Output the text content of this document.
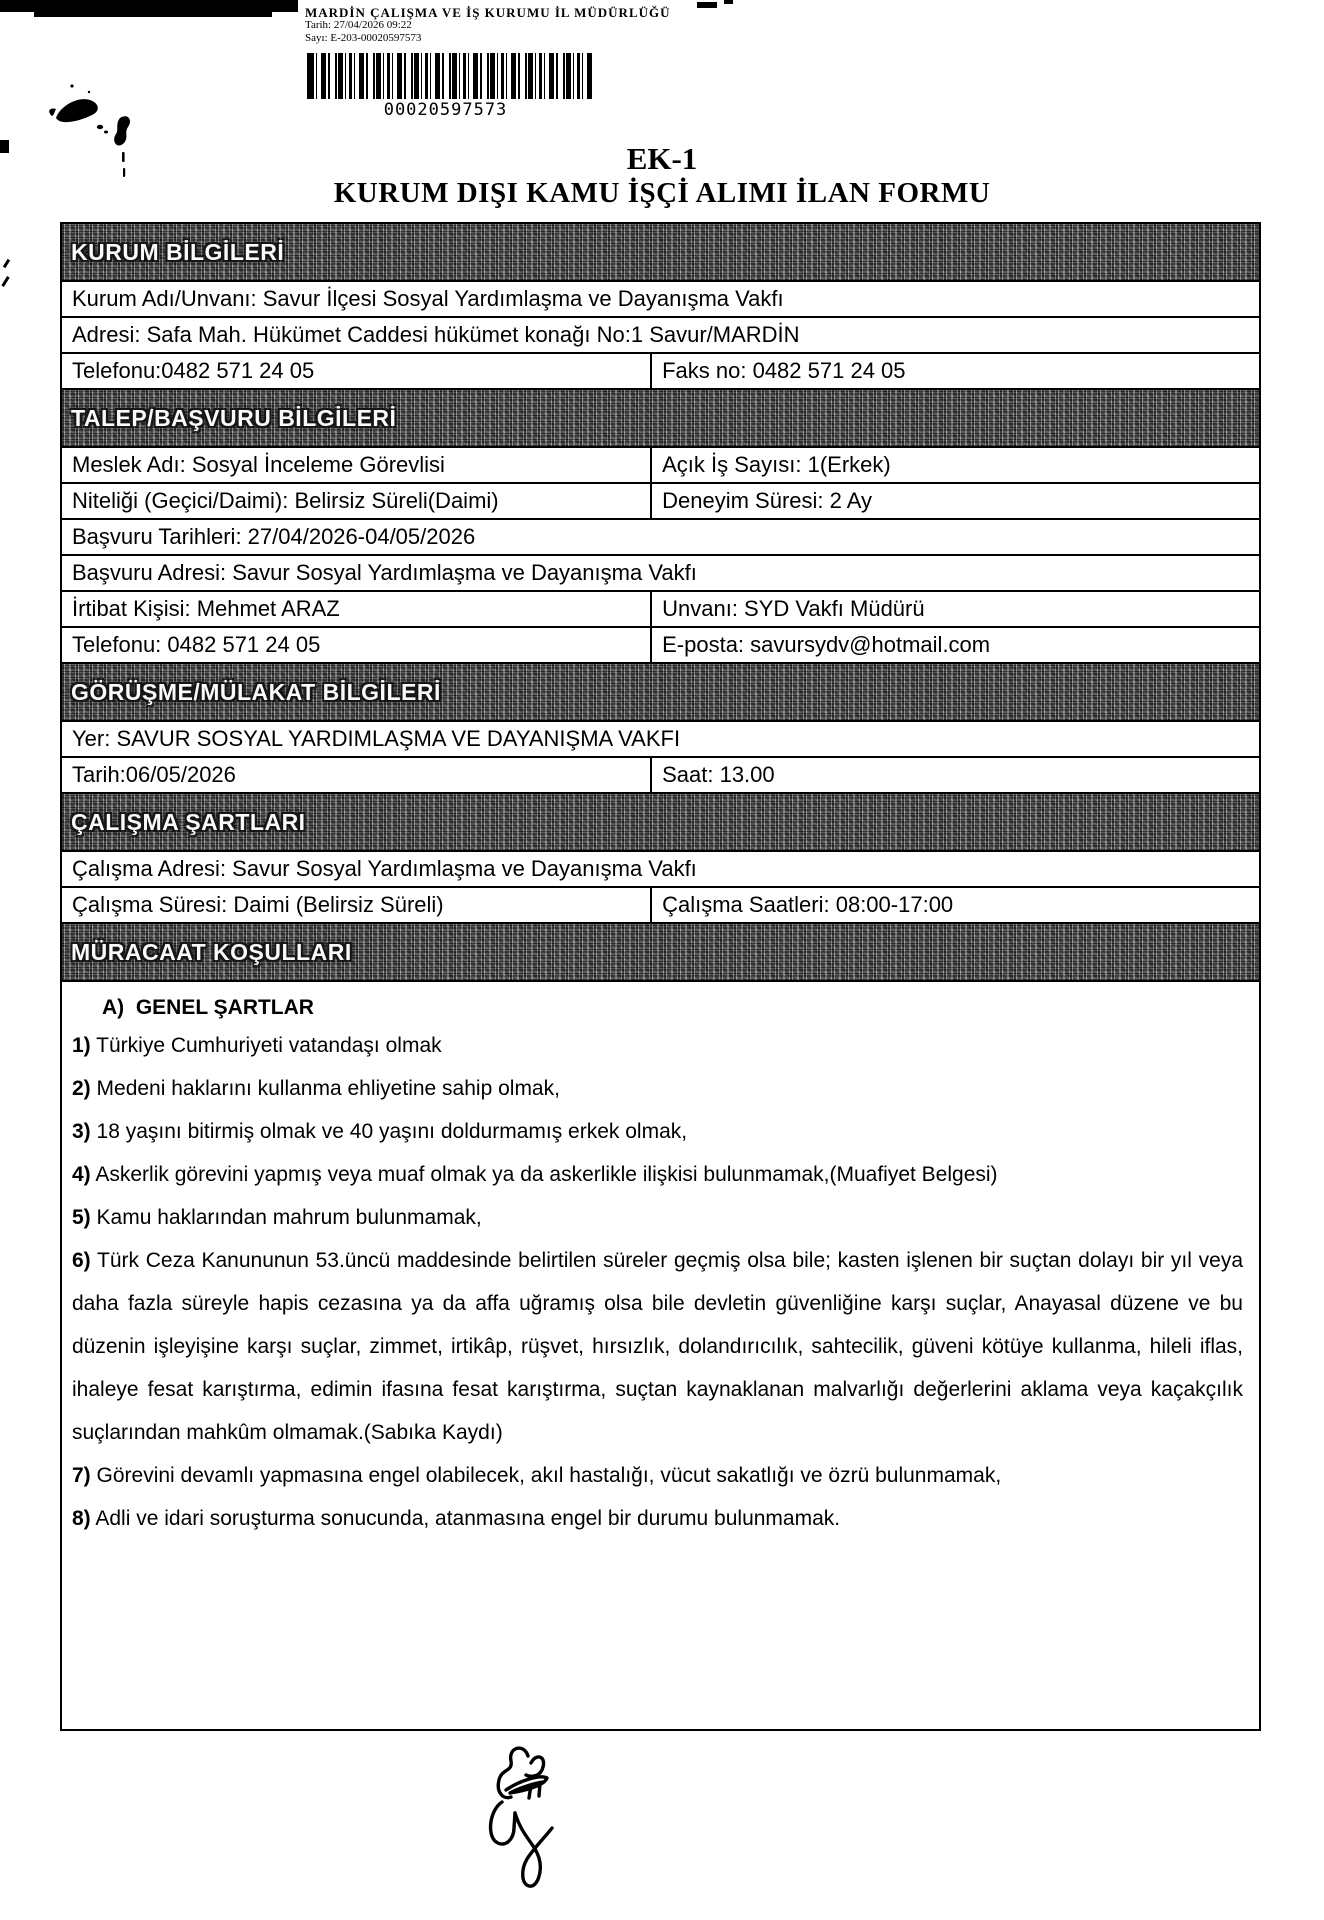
MARDİN ÇALIŞMA VE İŞ KURUMU İL MÜDÜRLÜĞÜ
Tarih: 27/04/2026 09:22
Sayı: E-203-00020597573
00020597573
EK-1
KURUM DIŞI KAMU İŞÇİ ALIMI İLAN FORMU
KURUM BİLGİLERİ
Kurum Adı/Unvanı: Savur İlçesi Sosyal Yardımlaşma ve Dayanışma Vakfı
Adresi: Safa Mah. Hükümet Caddesi hükümet konağı No:1 Savur/MARDİN
Telefonu:0482 571 24 05	Faks no: 0482 571 24 05
TALEP/BAŞVURU BİLGİLERİ
Meslek Adı: Sosyal İnceleme Görevlisi	Açık İş Sayısı: 1(Erkek)
Niteliği (Geçici/Daimi): Belirsiz Süreli(Daimi)	Deneyim Süresi: 2 Ay
Başvuru Tarihleri: 27/04/2026-04/05/2026
Başvuru Adresi: Savur Sosyal Yardımlaşma ve Dayanışma Vakfı
İrtibat Kişisi: Mehmet ARAZ	Unvanı: SYD Vakfı Müdürü
Telefonu: 0482 571 24 05	E-posta: savursydv@hotmail.com
GÖRÜŞME/MÜLAKAT BİLGİLERİ
Yer: SAVUR SOSYAL YARDIMLAŞMA VE DAYANIŞMA VAKFI
Tarih:06/05/2026	Saat: 13.00
ÇALIŞMA ŞARTLARI
Çalışma Adresi: Savur Sosyal Yardımlaşma ve Dayanışma Vakfı
Çalışma Süresi: Daimi (Belirsiz Süreli)	Çalışma Saatleri: 08:00-17:00
MÜRACAAT KOŞULLARI
A) GENEL ŞARTLAR

1) Türkiye Cumhuriyeti vatandaşı olmak

2) Medeni haklarını kullanma ehliyetine sahip olmak,

3) 18 yaşını bitirmiş olmak ve 40 yaşını doldurmamış erkek olmak,

4) Askerlik görevini yapmış veya muaf olmak ya da askerlikle ilişkisi bulunmamak,(Muafiyet Belgesi)

5) Kamu haklarından mahrum bulunmamak,

6) Türk Ceza Kanununun 53.üncü maddesinde belirtilen süreler geçmiş olsa bile; kasten işlenen bir suçtan dolayı bir yıl veya daha fazla süreyle hapis cezasına ya da affa uğramış olsa bile devletin güvenliğine karşı suçlar, Anayasal düzene ve bu düzenin işleyişine karşı suçlar, zimmet, irtikâp, rüşvet, hırsızlık, dolandırıcılık, sahtecilik, güveni kötüye kullanma, hileli iflas, ihaleye fesat karıştırma, edimin ifasına fesat karıştırma, suçtan kaynaklanan malvarlığı değerlerini aklama veya kaçakçılık suçlarından mahkûm olmamak.(Sabıka Kaydı)

7) Görevini devamlı yapmasına engel olabilecek, akıl hastalığı, vücut sakatlığı ve özrü bulunmamak,

8) Adli ve idari soruşturma sonucunda, atanmasına engel bir durumu bulunmamak.
